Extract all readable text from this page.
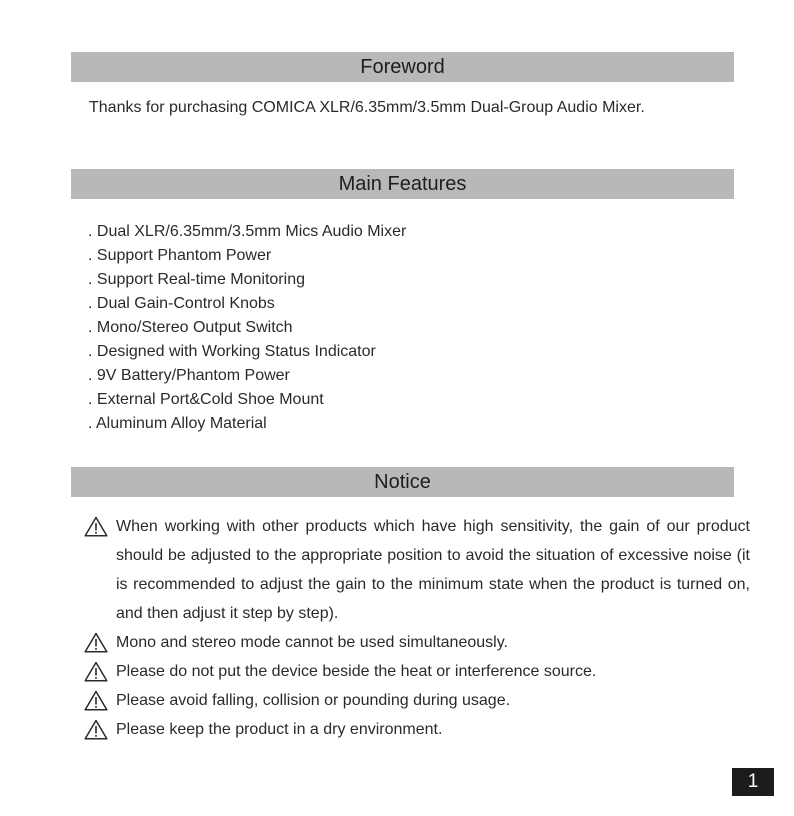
Foreword
Thanks for purchasing COMICA XLR/6.35mm/3.5mm Dual-Group Audio Mixer.
Main Features
. Dual XLR/6.35mm/3.5mm Mics Audio Mixer
. Support Phantom Power
. Support Real-time Monitoring
. Dual Gain-Control Knobs
. Mono/Stereo Output Switch
. Designed with Working Status Indicator
. 9V Battery/Phantom Power
. External Port&Cold Shoe Mount
. Aluminum Alloy Material
Notice
When working with other products which have high sensitivity, the gain of our product should be adjusted to the appropriate position to avoid the situation of excessive noise (it is recommended to adjust the gain to the minimum state when the product is turned on, and then adjust it step by step).
Mono and stereo mode cannot be used simultaneously.
Please do not put the device beside the heat or interference source.
Please avoid falling, collision or pounding during usage.
Please keep the product in a dry environment.
1
